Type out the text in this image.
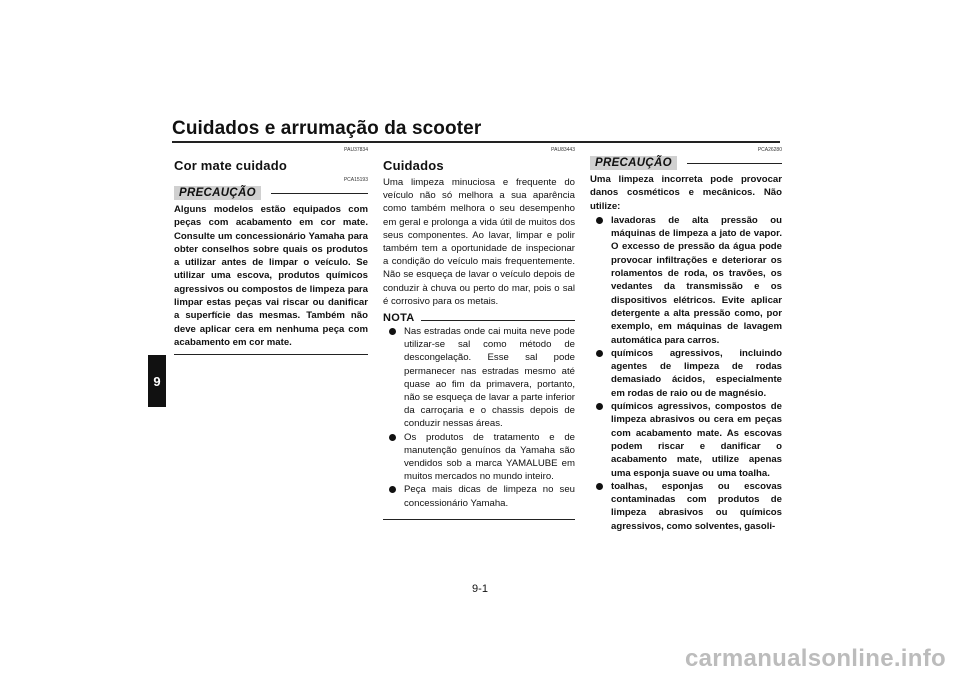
Cuidados e arrumação da scooter
9
PAU37834
Cor mate cuidado
PCA15193
PRECAUÇÃO

Alguns modelos estão equipados com peças com acabamento em cor mate. Consulte um concessionário Yamaha para obter conselhos sobre quais os produtos a utilizar antes de limpar o veículo. Se utilizar uma escova, produtos químicos agressivos ou compostos de limpeza para limpar estas peças vai riscar ou danificar a superfície das mesmas. Também não deve aplicar cera em nenhuma peça com acabamento em cor mate.

PAU83443
Cuidados

Uma limpeza minuciosa e frequente do veículo não só melhora a sua aparência como também melhora o seu desempenho em geral e prolonga a vida útil de muitos dos seus componentes. Ao lavar, limpar e polir também tem a oportunidade de inspecionar a condição do veículo mais frequentemente. Não se esqueça de lavar o veículo depois de conduzir à chuva ou perto do mar, pois o sal é corrosivo para os metais.

NOTA
Nas estradas onde cai muita neve pode utilizar-se sal como método de descongelação. Esse sal pode permanecer nas estradas mesmo até quase ao fim da primavera, portanto, não se esqueça de lavar a parte inferior da carroçaria e o chassis depois de conduzir nessas áreas.
Os produtos de tratamento e de manutenção genuínos da Yamaha são vendidos sob a marca YAMALUBE em muitos mercados no mundo inteiro.
Peça mais dicas de limpeza no seu concessionário Yamaha.
PCA26280
PRECAUÇÃO

Uma limpeza incorreta pode provocar danos cosméticos e mecânicos. Não utilize:

lavadoras de alta pressão ou máquinas de limpeza a jato de vapor. O excesso de pressão da água pode provocar infiltrações e deteriorar os rolamentos de roda, os travões, os vedantes da transmissão e os dispositivos elétricos. Evite aplicar detergente a alta pressão como, por exemplo, em máquinas de lavagem automática para carros.
químicos agressivos, incluindo agentes de limpeza de rodas demasiado ácidos, especialmente em rodas de raio ou de magnésio.
químicos agressivos, compostos de limpeza abrasivos ou cera em peças com acabamento mate. As escovas podem riscar e danificar o acabamento mate, utilize apenas uma esponja suave ou uma toalha.
toalhas, esponjas ou escovas contaminadas com produtos de limpeza abrasivos ou químicos agressivos, como solventes, gasoli-
9-1
carmanualsonline.info
